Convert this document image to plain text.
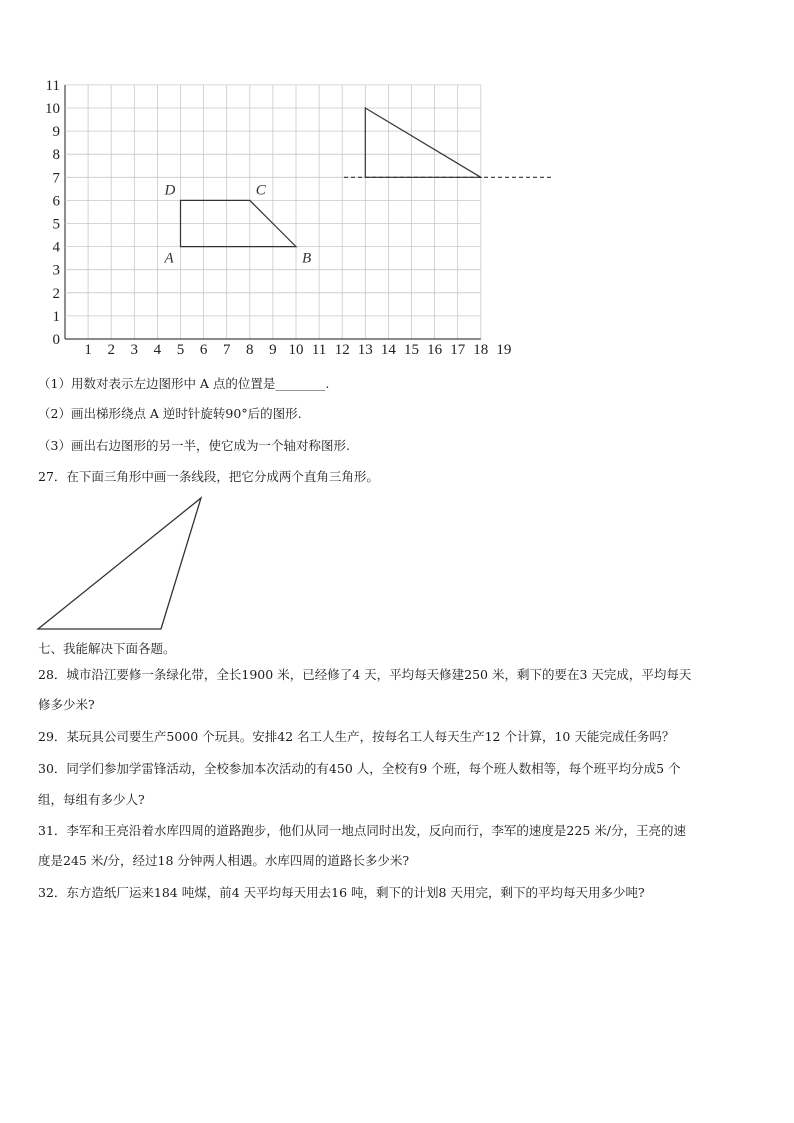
0
1
2
3
4
5
6
7
8
9
10
11
1 2 3 4 5 6 7 8 9 10 11 12 13 14 15 16 17 18 19
A	B
C
D
（1）用数对表示左边图形中 A 点的位置是________.
（2）画出梯形绕点 A 逆时针旋转90°后的图形.
（3）画出右边图形的另一半，使它成为一个轴对称图形.
27．在下面三角形中画一条线段，把它分成两个直角三角形。
七、我能解决下面各题。
28．城市沿江要修一条绿化带，全长1900 米，已经修了4 天，平均每天修建250 米，剩下的要在3 天完成，平均每天
修多少米?
29．某玩具公司要生产5000 个玩具。安排42 名工人生产，按每名工人每天生产12 个计算，10 天能完成任务吗？
30．同学们参加学雷锋活动，全校参加本次活动的有450 人，全校有9 个班，每个班人数相等，每个班平均分成5 个
组，每组有多少人?
31．李军和王亮沿着水库四周的道路跑步，他们从同一地点同时出发，反向而行，李军的速度是225 米/分，王亮的速
度是245 米/分，经过18 分钟两人相遇。水库四周的道路长多少米?
32．东方造纸厂运来184 吨煤，前4 天平均每天用去16 吨，剩下的计划8 天用完，剩下的平均每天用多少吨?
